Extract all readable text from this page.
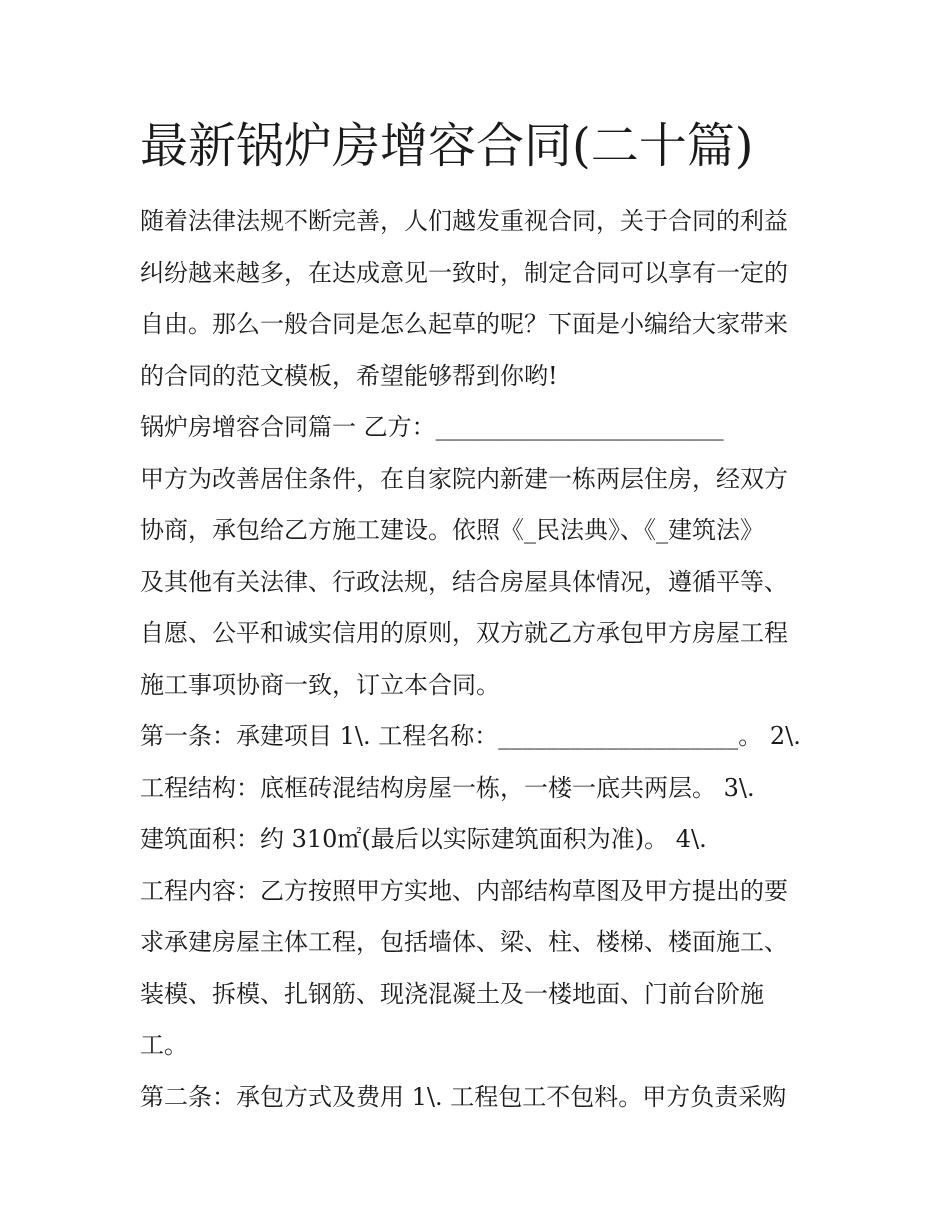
最新锅炉房增容合同(二十篇)
随着法律法规不断完善，人们越发重视合同，关于合同的利益
纠纷越来越多，在达成意见一致时，制定合同可以享有一定的
自由。那么一般合同是怎么起草的呢？下面是小编给大家带来
的合同的范文模板，希望能够帮到你哟!
锅炉房增容合同篇一 乙方：________________________
甲方为改善居住条件，在自家院内新建一栋两层住房，经双方
协商，承包给乙方施工建设。依照《_民法典》、《_建筑法》
及其他有关法律、行政法规，结合房屋具体情况，遵循平等、
自愿、公平和诚实信用的原则，双方就乙方承包甲方房屋工程
施工事项协商一致，订立本合同。
第一条：承建项目 1\. 工程名称：____________________。 2\.
工程结构：底框砖混结构房屋一栋，一楼一底共两层。 3\.
建筑面积：约 310㎡(最后以实际建筑面积为准)。 4\.
工程内容：乙方按照甲方实地、内部结构草图及甲方提出的要
求承建房屋主体工程，包括墙体、梁、柱、楼梯、楼面施工、
装模、拆模、扎钢筋、现浇混凝土及一楼地面、门前台阶施
工。
第二条：承包方式及费用 1\. 工程包工不包料。甲方负责采购
